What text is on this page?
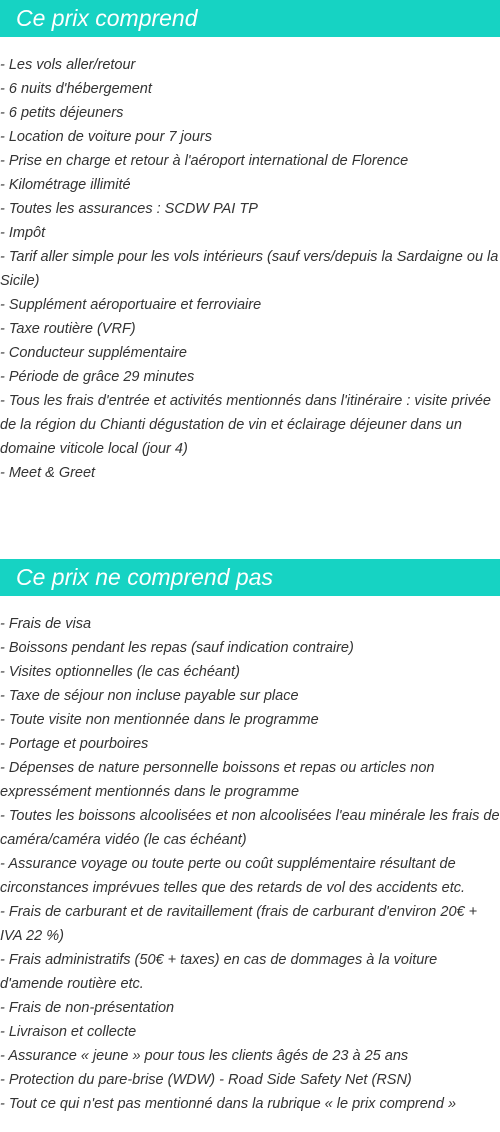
Ce prix comprend
- Les vols aller/retour
- 6 nuits d'hébergement
- 6 petits déjeuners
- Location de voiture pour 7 jours
- Prise en charge et retour à l'aéroport international de Florence
- Kilométrage illimité
- Toutes les assurances : SCDW PAI TP
- Impôt
- Tarif aller simple pour les vols intérieurs (sauf vers/depuis la Sardaigne ou la Sicile)
- Supplément aéroportuaire et ferroviaire
- Taxe routière (VRF)
- Conducteur supplémentaire
- Période de grâce 29 minutes
- Tous les frais d'entrée et activités mentionnés dans l'itinéraire : visite privée de la région du Chianti dégustation de vin et éclairage déjeuner dans un domaine viticole local (jour 4)
- Meet & Greet
Ce prix ne comprend pas
- Frais de visa
- Boissons pendant les repas (sauf indication contraire)
- Visites optionnelles (le cas échéant)
- Taxe de séjour non incluse payable sur place
- Toute visite non mentionnée dans le programme
- Portage et pourboires
- Dépenses de nature personnelle boissons et repas ou articles non expressément mentionnés dans le programme
- Toutes les boissons alcoolisées et non alcoolisées l'eau minérale les frais de caméra/caméra vidéo (le cas échéant)
- Assurance voyage ou toute perte ou coût supplémentaire résultant de circonstances imprévues telles que des retards de vol des accidents etc.
- Frais de carburant et de ravitaillement (frais de carburant d'environ 20€ + IVA 22 %)
- Frais administratifs (50€ + taxes) en cas de dommages à la voiture d'amende routière etc.
- Frais de non-présentation
- Livraison et collecte
- Assurance « jeune » pour tous les clients âgés de 23 à 25 ans
- Protection du pare-brise (WDW) - Road Side Safety Net (RSN)
- Tout ce qui n'est pas mentionné dans la rubrique « le prix comprend »
